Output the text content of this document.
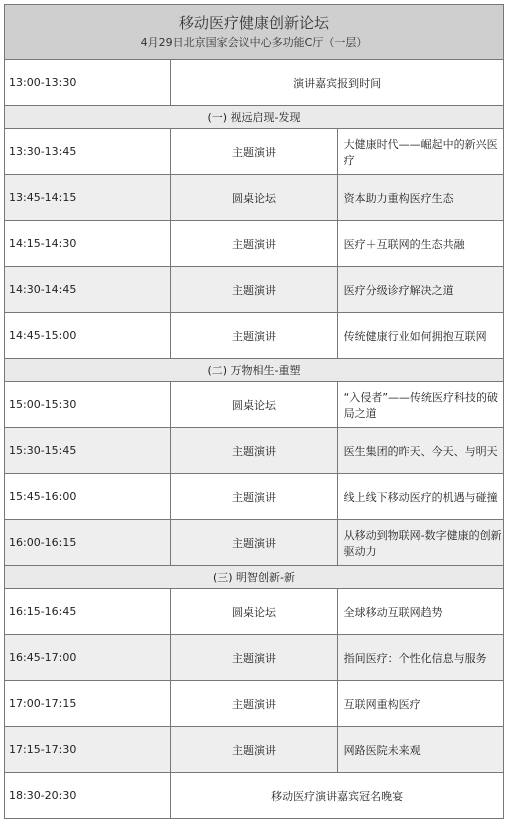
移动医疗健康创新论坛
4月29日北京国家会议中心多功能C厅（一层）		

13:00-13:30	演讲嘉宾报到时间	
(一) 视远启现-发现		
13:30-13:45	主题演讲	大健康时代——崛起中的新兴医疗
13:45-14:15	圆桌论坛	资本助力重构医疗生态
14:15-14:30	主题演讲	医疗＋互联网的生态共融
14:30-14:45	主题演讲	医疗分级诊疗解决之道
14:45-15:00	主题演讲	传统健康行业如何拥抱互联网
(二) 万物相生-重塑		
15:00-15:30	圆桌论坛	“入侵者”——传统医疗科技的破局之道
15:30-15:45	主题演讲	医生集团的昨天、今天、与明天
15:45-16:00	主题演讲	线上线下移动医疗的机遇与碰撞
16:00-16:15	主题演讲	从移动到物联网-数字健康的创新驱动力
(三) 明智创新-新		
16:15-16:45	圆桌论坛	全球移动互联网趋势
16:45-17:00	主题演讲	指间医疗：个性化信息与服务
17:00-17:15	主题演讲	互联网重构医疗
17:15-17:30	主题演讲	网路医院未来观
18:30-20:30	移动医疗演讲嘉宾冠名晚宴	
